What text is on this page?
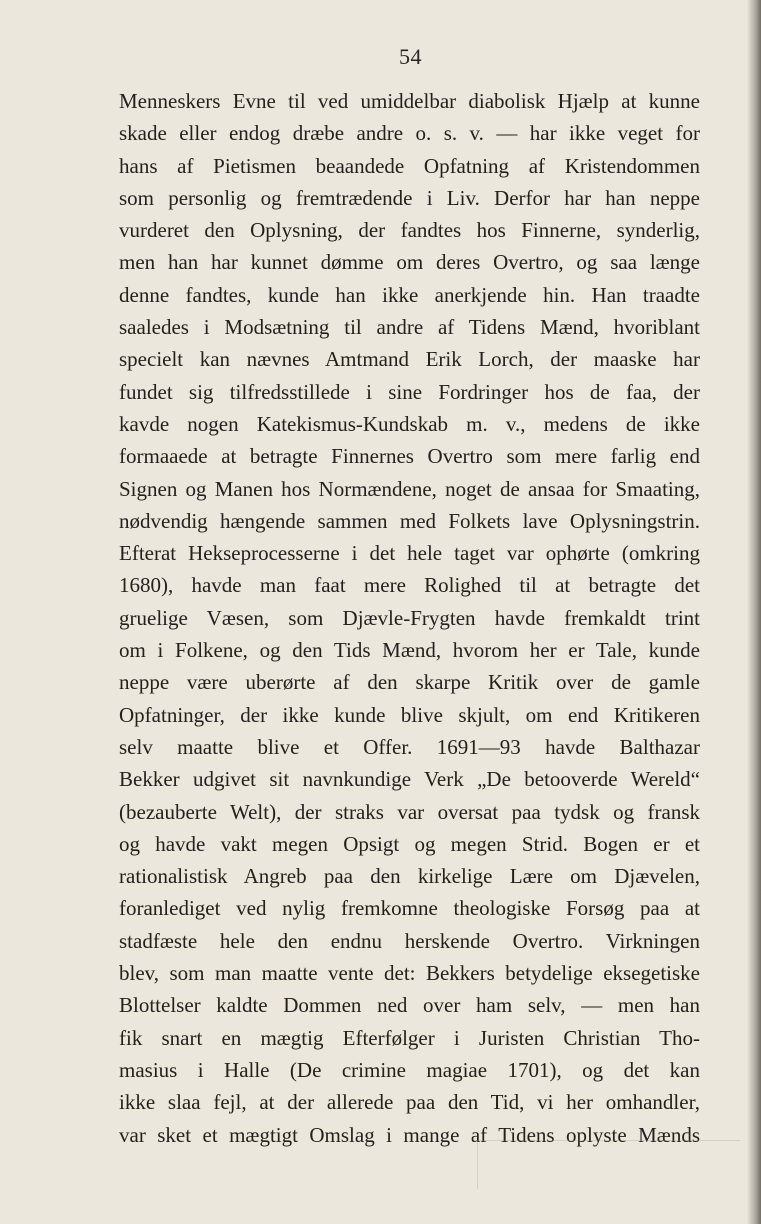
54
Menneskers Evne til ved umiddelbar diabolisk Hjælp at kunne
skade eller endog dræbe andre o. s. v. — har ikke veget for
hans af Pietismen beaandede Opfatning af Kristendommen
som personlig og fremtrædende i Liv. Derfor har han neppe
vurderet den Oplysning, der fandtes hos Finnerne, synderlig,
men han har kunnet dømme om deres Overtro, og saa længe
denne fandtes, kunde han ikke anerkjende hin. Han traadte
saaledes i Modsætning til andre af Tidens Mænd, hvoriblant
specielt kan nævnes Amtmand Erik Lorch, der maaske har
fundet sig tilfredsstillede i sine Fordringer hos de faa, der
kavde nogen Katekismus-Kundskab m. v., medens de ikke
formaaede at betragte Finnernes Overtro som mere farlig end
Signen og Manen hos Normændene, noget de ansaa for Smaating,
nødvendig hængende sammen med Folkets lave Oplysningstrin.
Efterat Hekseprocesserne i det hele taget var ophørte (omkring
1680), havde man faat mere Rolighed til at betragte det
gruelige Væsen, som Djævle-Frygten havde fremkaldt trint
om i Folkene, og den Tids Mænd, hvorom her er Tale, kunde
neppe være uberørte af den skarpe Kritik over de gamle
Opfatninger, der ikke kunde blive skjult, om end Kritikeren
selv maatte blive et Offer. 1691—93 havde Balthazar
Bekker udgivet sit navnkundige Verk „De betooverde Wereld“
(bezauberte Welt), der straks var oversat paa tydsk og fransk
og havde vakt megen Opsigt og megen Strid. Bogen er et
rationalistisk Angreb paa den kirkelige Lære om Djævelen,
foranlediget ved nylig fremkomne theologiske Forsøg paa at
stadfæste hele den endnu herskende Overtro. Virkningen
blev, som man maatte vente det: Bekkers betydelige eksegetiske
Blottelser kaldte Dommen ned over ham selv, — men han
fik snart en mægtig Efterfølger i Juristen Christian Tho-
masius i Halle (De crimine magiae 1701), og det kan
ikke slaa fejl, at der allerede paa den Tid, vi her omhandler,
var sket et mægtigt Omslag i mange af Tidens oplyste Mænds
